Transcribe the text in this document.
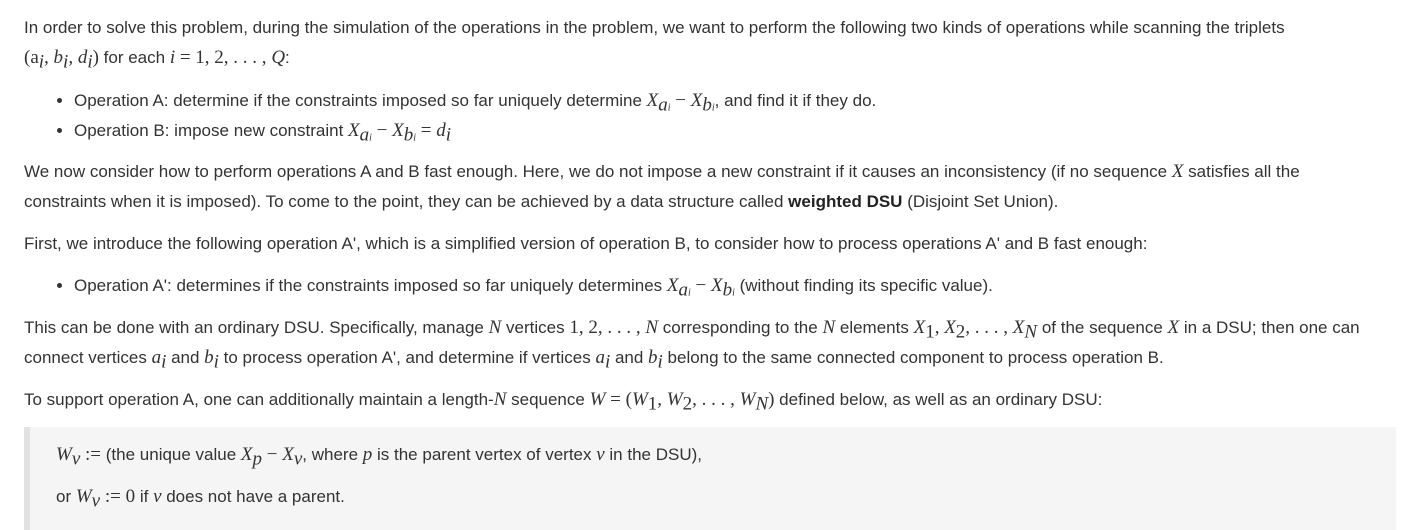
In order to solve this problem, during the simulation of the operations in the problem, we want to perform the following two kinds of operations while scanning the triplets
($a_i$, $b_i$, $d_i$) for each i = 1, 2, . . . , Q:

• Operation A: determine if the constraints imposed so far uniquely determine $X_{ai} - X_{bi}$, and find it if they do.
• Operation B: impose new constraint $X_{ai} - X_{bi} = d_i$

We now consider how to perform operations A and B fast enough. Here, we do not impose a new constraint if it causes an inconsistency (if no sequence X satisfies all the
constraints when it is imposed). To come to the point, they can be achieved by a data structure called weighted DSU (Disjoint Set Union).

First, we introduce the following operation A', which is a simplified version of operation B, to consider how to process operations A' and B fast enough:

• Operation A': determines if the constraints imposed so far uniquely determines $X_{ai} - X_{bi}$ (without finding its specific value).

This can be done with an ordinary DSU. Specifically, manage N vertices 1, 2, . . . , N corresponding to the N elements $X_1$, $X_2$, . . . , $X_N$ of the sequence X in a DSU; then one can
connect vertices $a_i$ and $b_i$ to process operation A', and determine if vertices $a_i$ and $b_i$ belong to the same connected component to process operation B.

To support operation A, one can additionally maintain a length-N sequence $W = (W_1$, $W_2$, . . . , $W_N$) defined below, as well as an ordinary DSU:

$W_v$ := (the unique value $X_p - X_v$, where p is the parent vertex of vertex v in the DSU),

or $W_v$ := 0 if v does not have a parent.
